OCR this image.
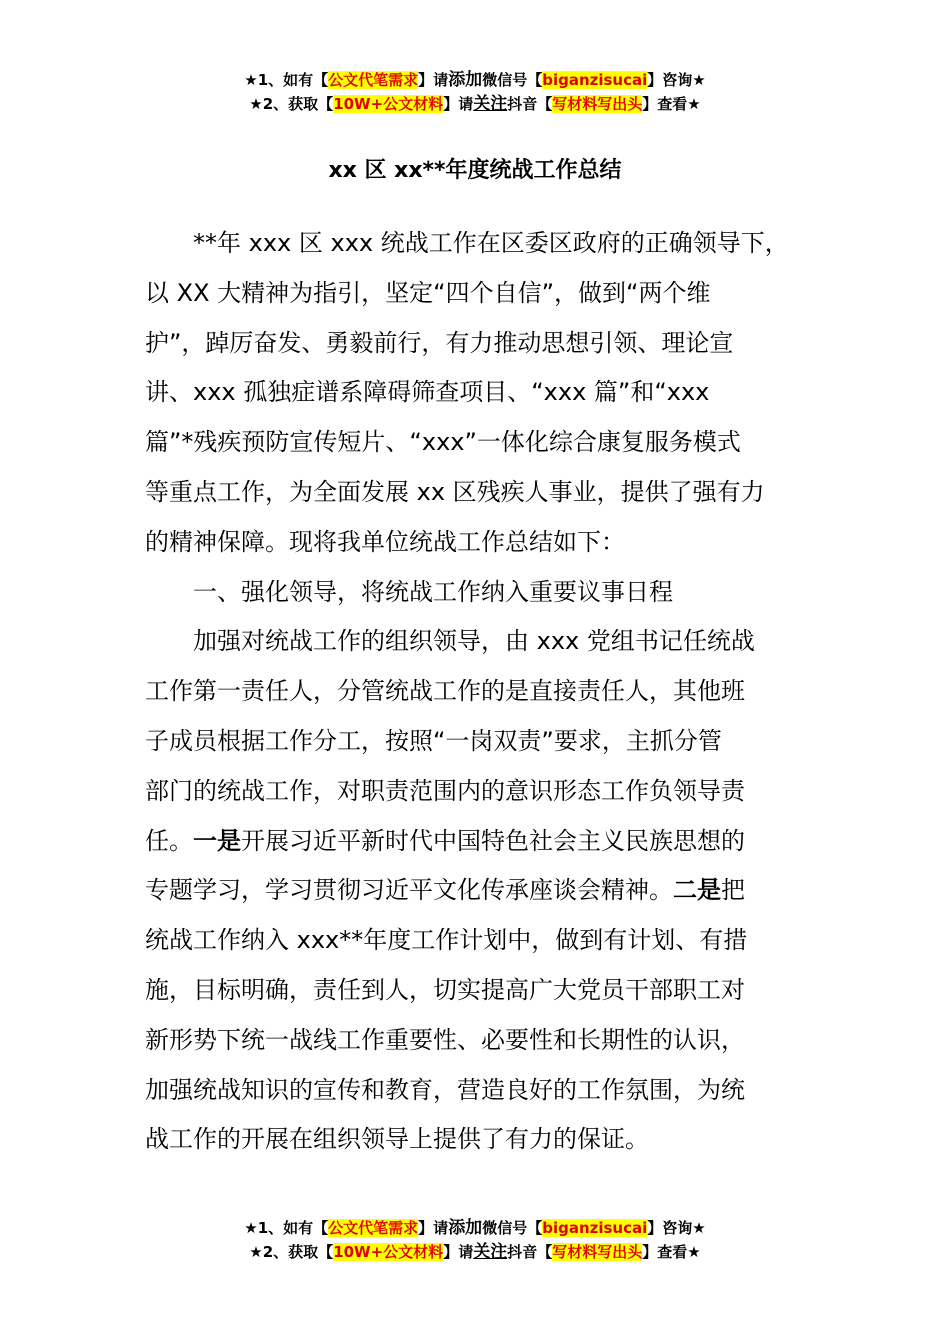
★1、如有【公文代笔需求】请添加微信号【biganzisucai】咨询★
★2、获取【10W+公文材料】请关注抖音【写材料写出头】查看★
xx 区 xx**年度统战工作总结
**年 xxx 区 xxx 统战工作在区委区政府的正确领导下，
以 XX 大精神为指引，坚定“四个自信”，做到“两个维
护”，踔厉奋发、勇毅前行，有力推动思想引领、理论宣
讲、xxx 孤独症谱系障碍筛查项目、“xxx 篇”和“xxx
篇”*残疾预防宣传短片、“xxx”一体化综合康复服务模式
等重点工作，为全面发展 xx 区残疾人事业，提供了强有力
的精神保障。现将我单位统战工作总结如下：
一、强化领导，将统战工作纳入重要议事日程
加强对统战工作的组织领导，由 xxx 党组书记任统战
工作第一责任人，分管统战工作的是直接责任人，其他班
子成员根据工作分工，按照“一岗双责”要求，主抓分管
部门的统战工作，对职责范围内的意识形态工作负领导责
任。一是开展习近平新时代中国特色社会主义民族思想的
专题学习，学习贯彻习近平文化传承座谈会精神。二是把
统战工作纳入 xxx**年度工作计划中，做到有计划、有措
施，目标明确，责任到人，切实提高广大党员干部职工对
新形势下统一战线工作重要性、必要性和长期性的认识，
加强统战知识的宣传和教育，营造良好的工作氛围，为统
战工作的开展在组织领导上提供了有力的保证。
★1、如有【公文代笔需求】请添加微信号【biganzisucai】咨询★
★2、获取【10W+公文材料】请关注抖音【写材料写出头】查看★
